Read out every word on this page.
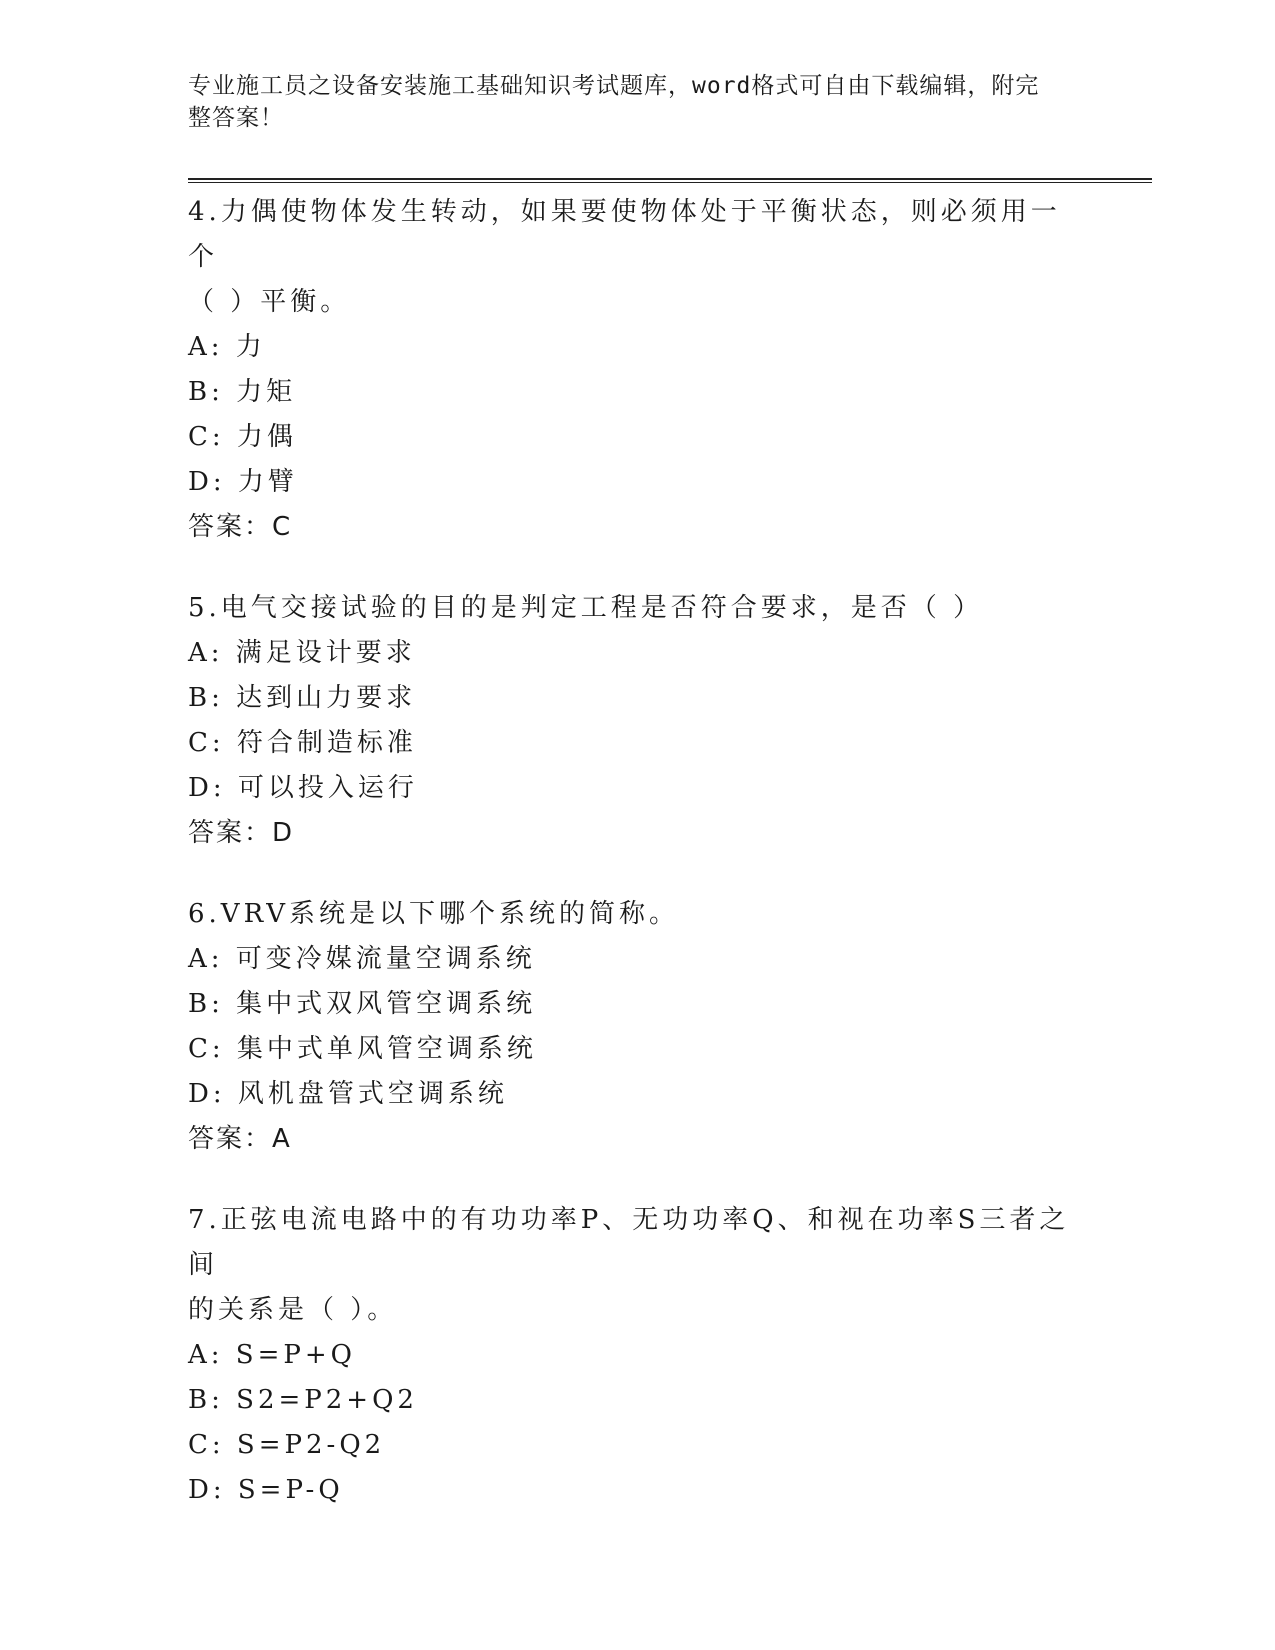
专业施工员之设备安装施工基础知识考试题库，word格式可自由下载编辑，附完
整答案！
4.力偶使物体发生转动，如果要使物体处于平衡状态，则必须用一个
（ ）平衡。
A: 力
B: 力矩
C: 力偶
D: 力臂
答案：C
5.电气交接试验的目的是判定工程是否符合要求，是否（ ）
A: 满足设计要求
B: 达到山力要求
C: 符合制造标准
D: 可以投入运行
答案：D
6.VRV系统是以下哪个系统的简称。
A: 可变冷媒流量空调系统
B: 集中式双风管空调系统
C: 集中式单风管空调系统
D: 风机盘管式空调系统
答案：A
7.正弦电流电路中的有功功率P、无功功率Q、和视在功率S三者之间
的关系是（ ）。
A: S=P+Q
B: S2=P2+Q2
C: S=P2-Q2
D: S=P-Q
